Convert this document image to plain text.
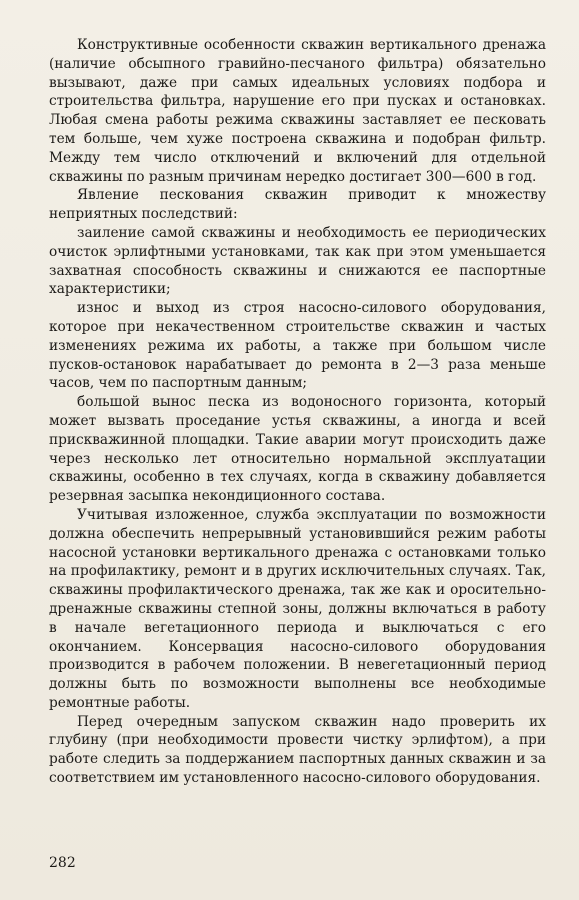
Конструктивные особенности скважин вертикального дренажа (наличие обсыпного гравийно-песчаного фильтра) обязательно вызывают, даже при самых идеальных условиях подбора и строительства фильтра, нарушение его при пусках и остановках. Любая смена работы режима скважины заставляет ее песковать тем больше, чем хуже построена скважина и подобран фильтр. Между тем число отключений и включений для отдельной скважины по разным причинам нередко достигает 300—600 в год.

Явление пескования скважин приводит к множеству неприятных последствий:

заиление самой скважины и необходимость ее периодических очисток эрлифтными установками, так как при этом уменьшается захватная способность скважины и снижаются ее паспортные характеристики;

износ и выход из строя насосно-силового оборудования, которое при некачественном строительстве скважин и частых изменениях режима их работы, а также при большом числе пусков-остановок нарабатывает до ремонта в 2—3 раза меньше часов, чем по паспортным данным;

большой вынос песка из водоносного горизонта, который может вызвать проседание устья скважины, а иногда и всей прискважинной площадки. Такие аварии могут происходить даже через несколько лет относительно нормальной эксплуатации скважины, особенно в тех случаях, когда в скважину добавляется резервная засыпка некондиционного состава.

Учитывая изложенное, служба эксплуатации по возможности должна обеспечить непрерывный установившийся режим работы насосной установки вертикального дренажа с остановками только на профилактику, ремонт и в других исключительных случаях. Так, скважины профилактического дренажа, так же как и оросительно-дренажные скважины степной зоны, должны включаться в работу в начале вегетационного периода и выключаться с его окончанием. Консервация насосно-силового оборудования производится в рабочем положении. В невегетационный период должны быть по возможности выполнены все необходимые ремонтные работы.

Перед очередным запуском скважин надо проверить их глубину (при необходимости провести чистку эрлифтом), а при работе следить за поддержанием паспортных данных скважин и за соответствием им установленного насосно-силового оборудования.

282
